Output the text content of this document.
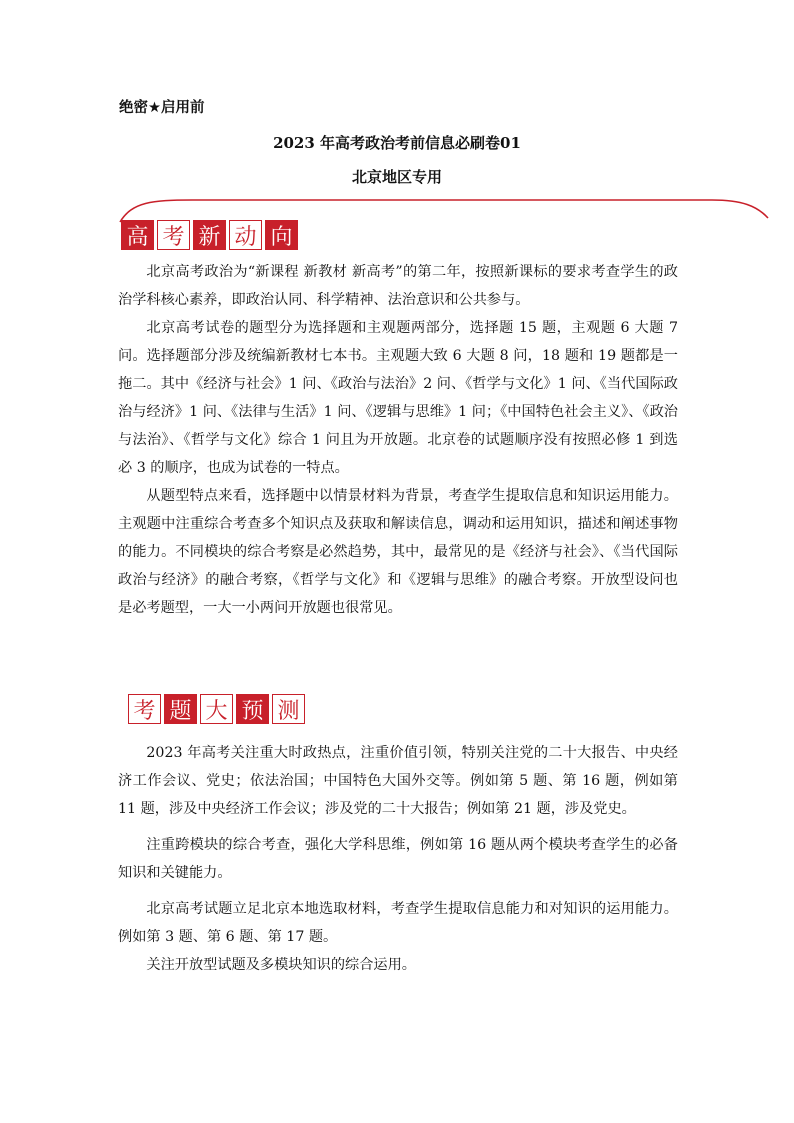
绝密★启用前
2023 年高考政治考前信息必刷卷01
北京地区专用
高 考 新 动 向

北京高考政治为“新课程 新教材 新高考”的第二年，按照新课标的要求考查学生的政治学科核心素养，即政治认同、科学精神、法治意识和公共参与。

北京高考试卷的题型分为选择题和主观题两部分，选择题 15 题，主观题 6 大题 7 问。选择题部分涉及统编新教材七本书。主观题大致 6 大题 8 问，18 题和 19 题都是一拖二。其中《经济与社会》1 问、《政治与法治》2 问、《哲学与文化》1 问、《当代国际政治与经济》1 问、《法律与生活》1 问、《逻辑与思维》1 问；《中国特色社会主义》、《政治与法治》、《哲学与文化》综合 1 问且为开放题。北京卷的试题顺序没有按照必修 1 到选必 3 的顺序，也成为试卷的一特点。

从题型特点来看，选择题中以情景材料为背景，考查学生提取信息和知识运用能力。主观题中注重综合考查多个知识点及获取和解读信息，调动和运用知识，描述和阐述事物的能力。不同模块的综合考察是必然趋势，其中，最常见的是《经济与社会》、《当代国际政治与经济》的融合考察，《哲学与文化》和《逻辑与思维》的融合考察。开放型设问也是必考题型，一大一小两问开放题也很常见。

考 题 大 预 测

2023 年高考关注重大时政热点，注重价值引领，特别关注党的二十大报告、中央经济工作会议、党史；依法治国；中国特色大国外交等。例如第 5 题、第 16 题，例如第 11 题，涉及中央经济工作会议；涉及党的二十大报告；例如第 21 题，涉及党史。

注重跨模块的综合考查，强化大学科思维，例如第 16 题从两个模块考查学生的必备知识和关键能力。

北京高考试题立足北京本地选取材料，考查学生提取信息能力和对知识的运用能力。例如第 3 题、第 6 题、第 17 题。

关注开放型试题及多模块知识的综合运用。
